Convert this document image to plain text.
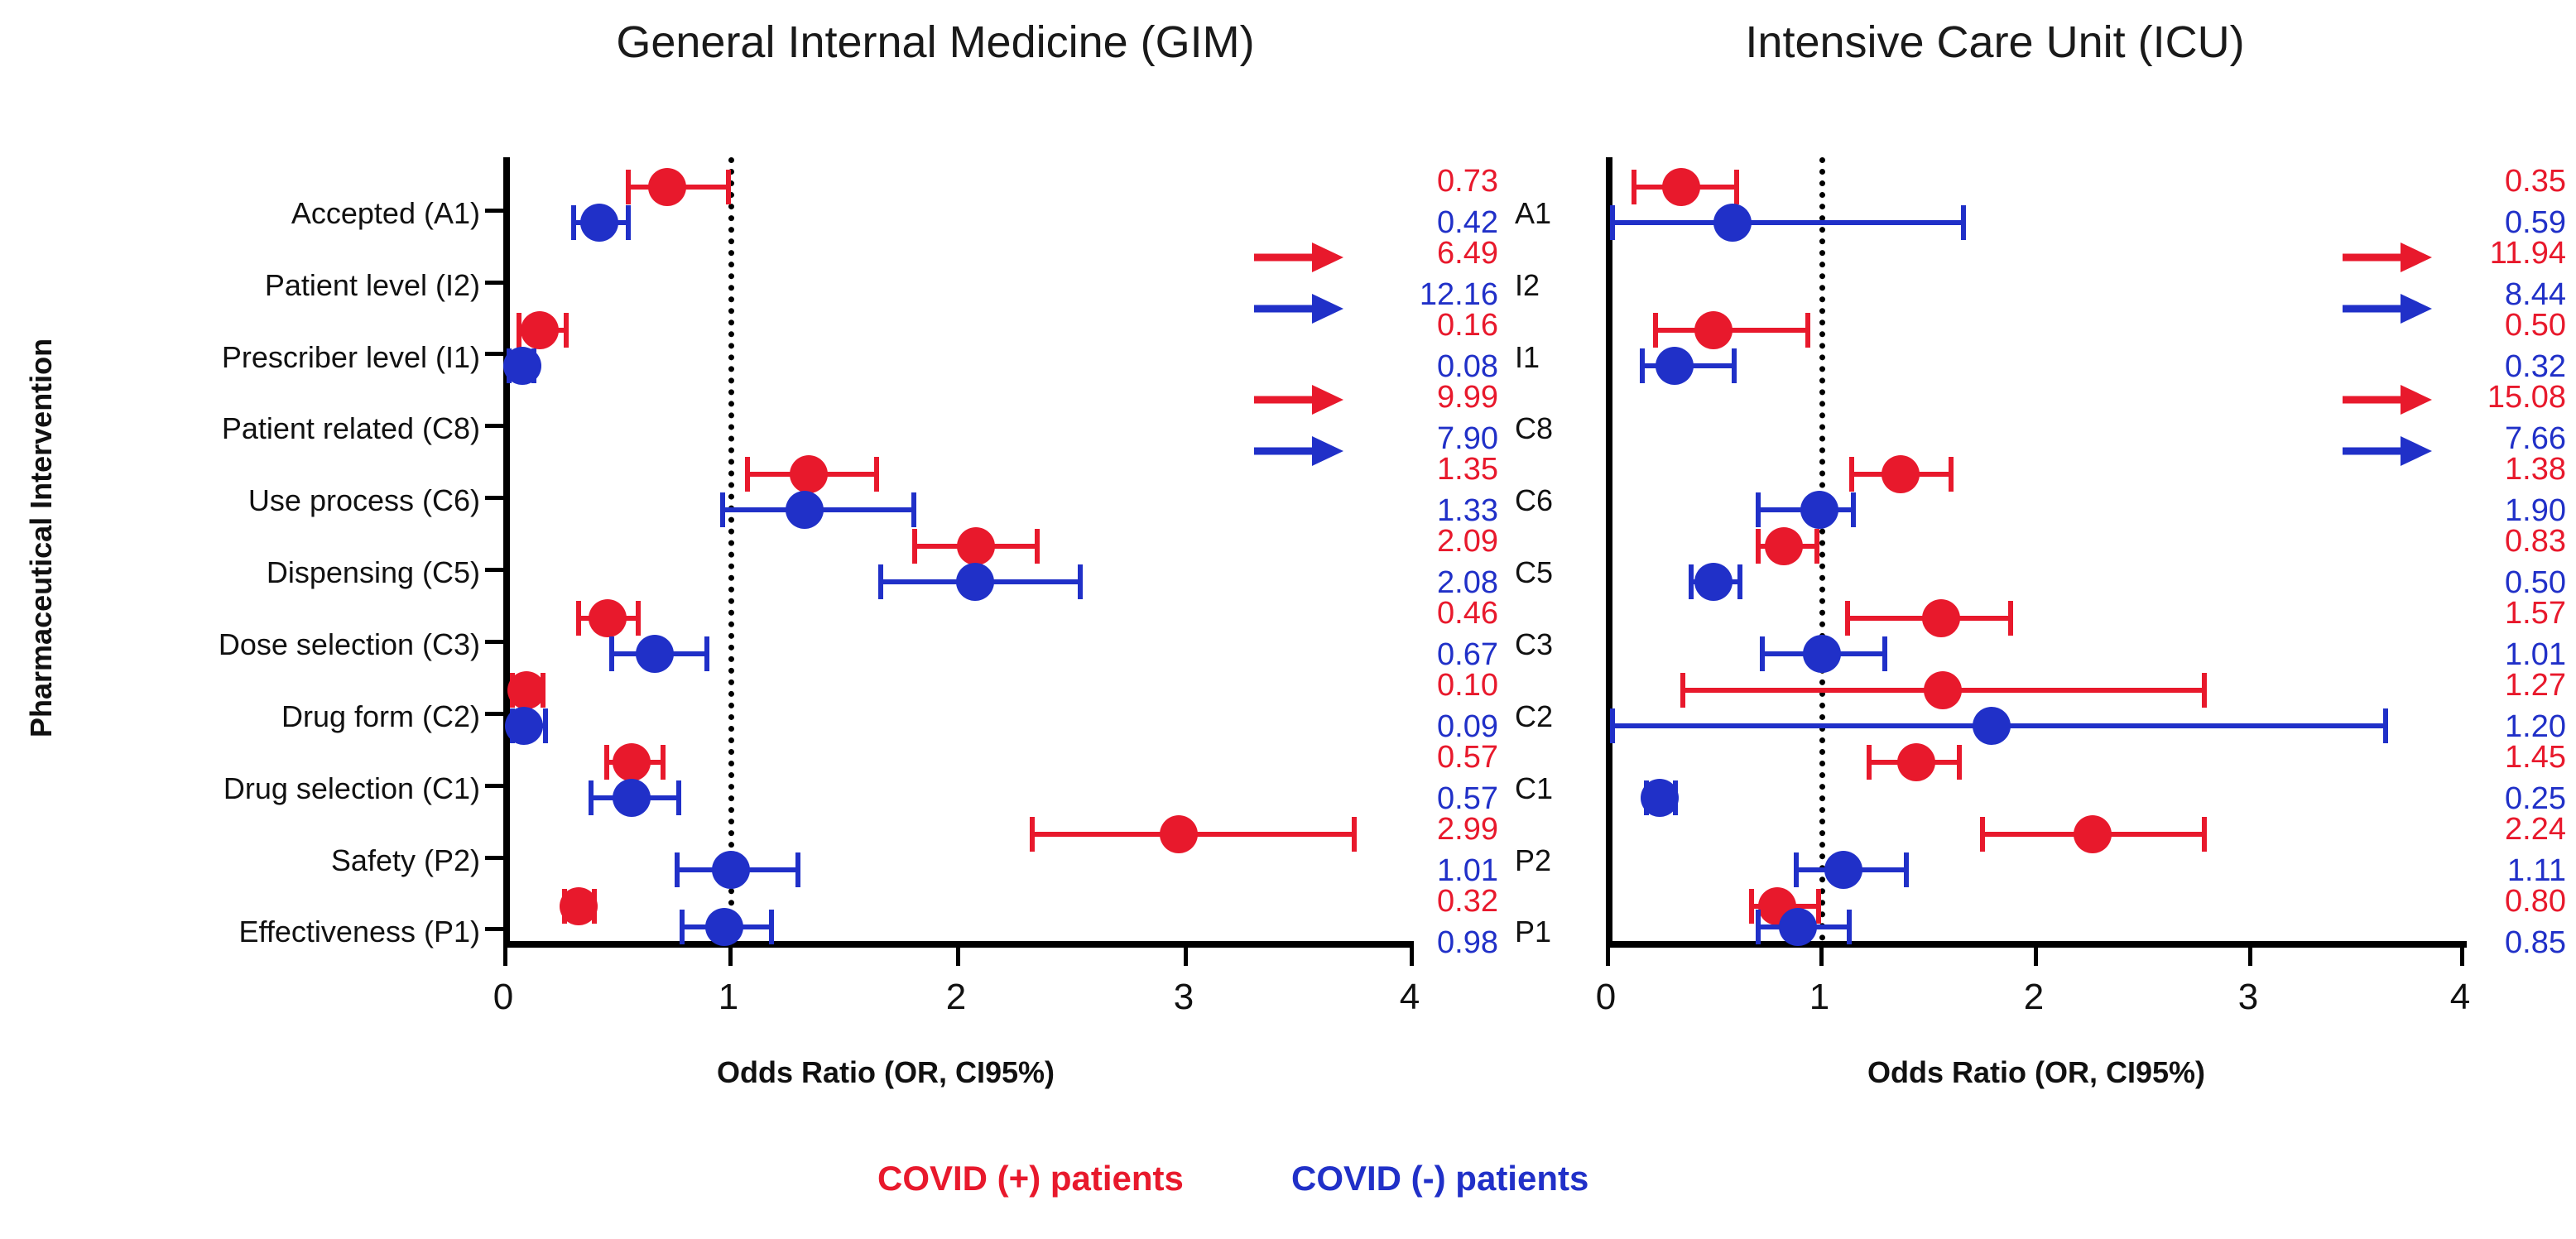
General Internal Medicine (GIM)
Pharmaceutical Intervention
Odds Ratio (OR, CI95%)
Accepted (A1)
Patient level (I2)
Prescriber level (I1)
Patient related (C8)
Use process (C6)
Dispensing (C5)
Dose selection (C3)
Drug form (C2)
Drug selection (C1)
Safety (P2)
Effectiveness (P1)
0	1	2	3	4
0.73
0.42
6.49
12.16
0.16
0.08
9.99
7.90
1.35
1.33
2.09
2.08
0.46
0.67
0.10
0.09
0.57
0.57
2.99
1.01
0.32
0.98
Intensive Care Unit (ICU)
Odds Ratio (OR, CI95%)
A1
I2
I1
C8
C6
C5
C3
C2
C1
P2
P1
0	1	2	3	4
0.35
0.59
11.94
8.44
0.50
0.32
15.08
7.66
1.38
1.90
0.83
0.50
1.57
1.01
1.27
1.20
1.45
0.25
2.24
1.11
0.80
0.85
COVID (+) patients	COVID (-) patients
